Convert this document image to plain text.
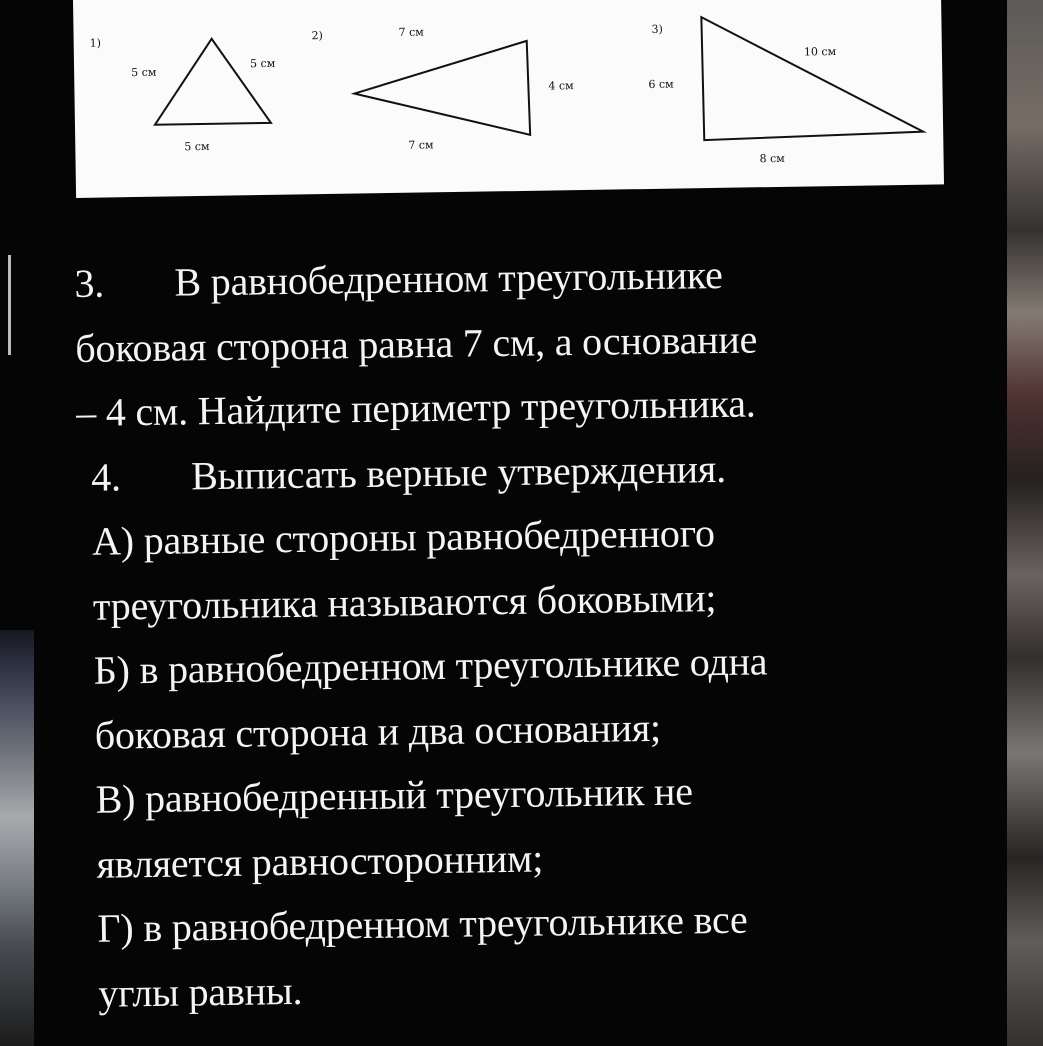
1)
5 см
5 см
5 см
2)	7 см
4 см
7 см
3)
6 см
10 см
8 см
3. В равнобедренном треугольнике
боковая сторона равна 7 см, а основание
– 4 см. Найдите периметр треугольника.
4. Выписать верные утверждения.
А) равные стороны равнобедренного
треугольника называются боковыми;
Б) в равнобедренном треугольнике одна
боковая сторона и два основания;
В) равнобедренный треугольник не
является равносторонним;
Г) в равнобедренном треугольнике все
углы равны.
